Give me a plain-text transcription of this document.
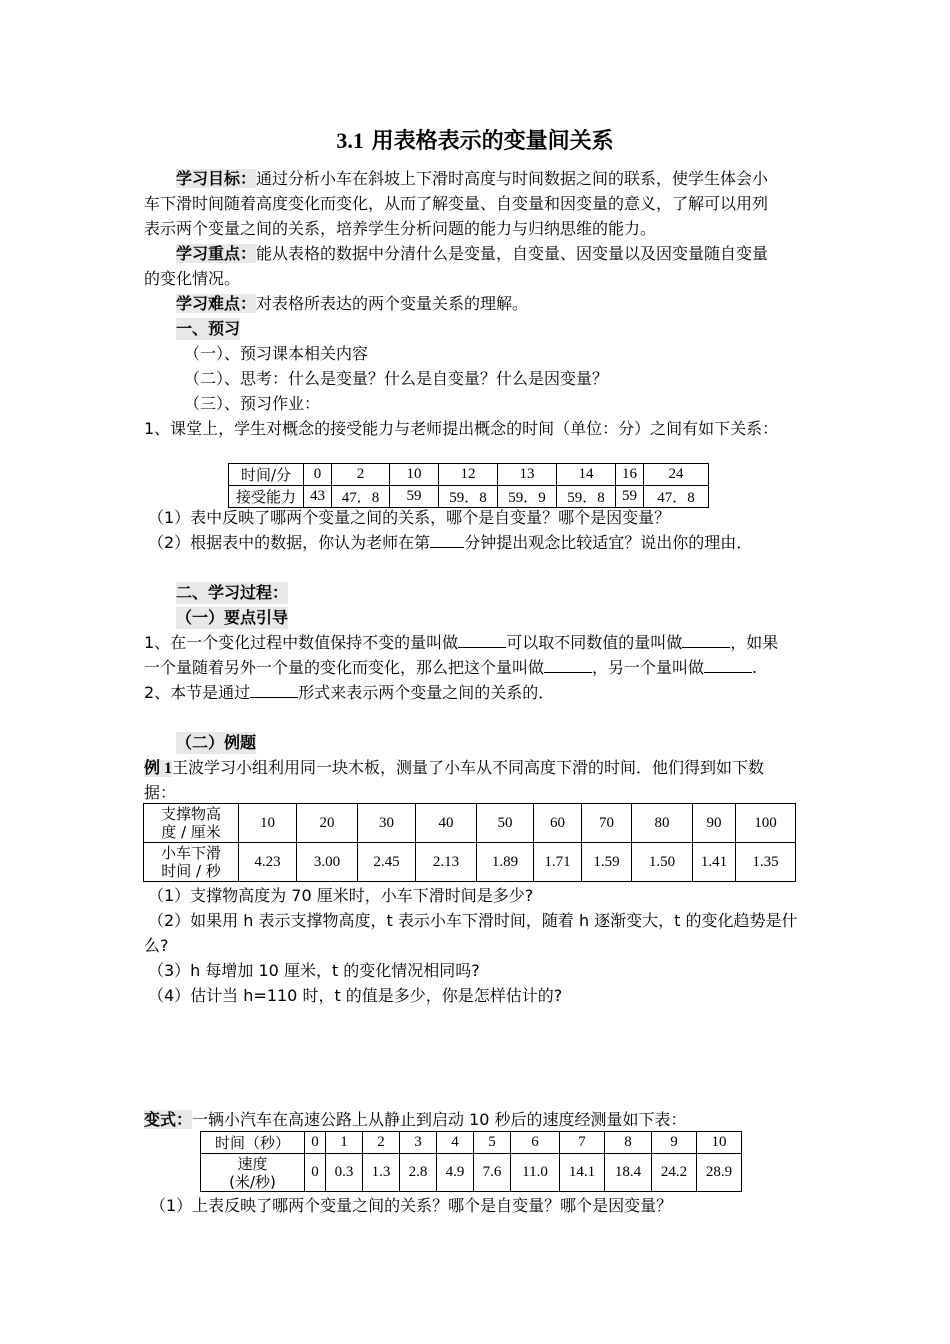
3.1 用表格表示的变量间关系
学习目标：通过分析小车在斜坡上下滑时高度与时间数据之间的联系，使学生体会小
车下滑时间随着高度变化而变化，从而了解变量、自变量和因变量的意义，了解可以用列
表示两个变量之间的关系，培养学生分析问题的能力与归纳思维的能力。
学习重点：能从表格的数据中分清什么是变量，自变量、因变量以及因变量随自变量
的变化情况。
学习难点：对表格所表达的两个变量关系的理解。
一、预习
（一）、预习课本相关内容
（二）、思考：什么是变量？什么是自变量？什么是因变量？
（三）、预习作业：
1、课堂上，学生对概念的接受能力与老师提出概念的时间（单位：分）之间有如下关系：
时间/分	0	2	10	12	13	14	16	24
接受能力	43	47．8	59	59．8	59．9	59．8	59	47．8
（1）表中反映了哪两个变量之间的关系，哪个是自变量？哪个是因变量？
（2）根据表中的数据，你认为老师在第 分钟提出观念比较适宜？说出你的理由．
二、学习过程：
（一）要点引导
1、在一个变化过程中数值保持不变的量叫做	可以取不同数值的量叫做	，如果
一个量随着另外一个量的变化而变化，那么把这个量叫做	，另一个量叫做	.
2、本节是通过	形式来表示两个变量之间的关系的．
（二）例题
例 1王波学习小组利用同一块木板，测量了小车从不同高度下滑的时间．他们得到如下数
据：
支撑物高
度 / 厘米	10	20	30	40	50	60	70	80	90	100

小车下滑
时间 / 秒	4.23	3.00	2.45	2.13	1.89	1.71	1.59	1.50	1.41	1.35
（1）支撑物高度为 70 厘米时，小车下滑时间是多少?
（2）如果用 h 表示支撑物高度，t 表示小车下滑时间，随着 h 逐渐变大，t 的变化趋势是什
么?
（3）h 每增加 10 厘米，t 的变化情况相同吗?
（4）估计当 h=110 时，t 的值是多少，你是怎样估计的?
变式：一辆小汽车在高速公路上从静止到启动 10 秒后的速度经测量如下表：
时间（秒）	0	1	2	3	4	5	6	7	8	9	10

速度
(米/秒)	0	0.3	1.3	2.8	4.9	7.6	11.0	14.1	18.4	24.2	28.9
（1）上表反映了哪两个变量之间的关系？哪个是自变量？哪个是因变量？
